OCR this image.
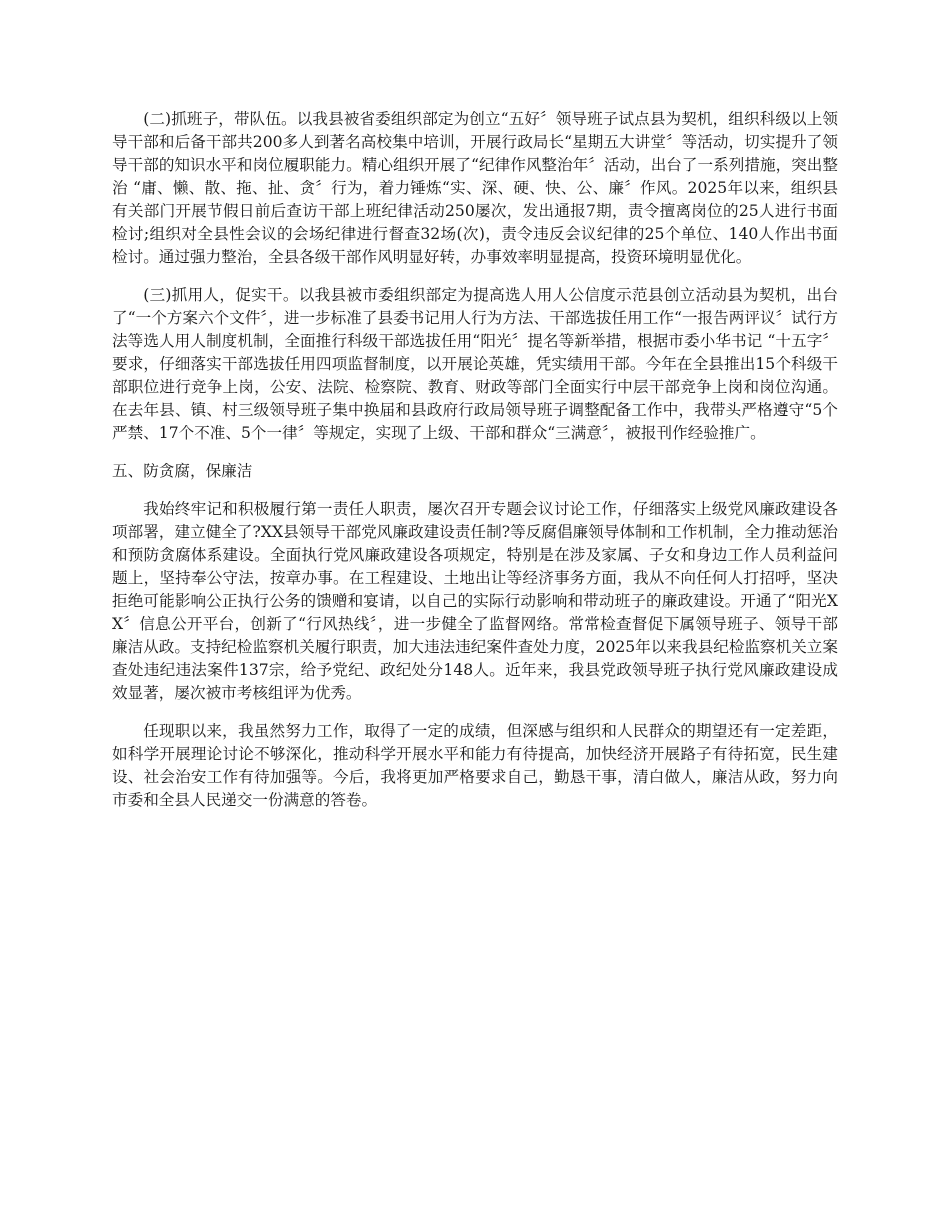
(二)抓班子，带队伍。以我县被省委组织部定为创立“五好〞领导班子试点县为契机，组织科级以上领导干部和后备干部共200多人到著名高校集中培训，开展行政局长“星期五大讲堂〞等活动，切实提升了领导干部的知识水平和岗位履职能力。精心组织开展了“纪律作风整治年〞活动，出台了一系列措施，突出整治 “庸、懒、散、拖、扯、贪〞行为，着力锤炼“实、深、硬、快、公、廉〞作风。2025年以来，组织县有关部门开展节假日前后查访干部上班纪律活动250屡次，发出通报7期，责令擅离岗位的25人进行书面检讨;组织对全县性会议的会场纪律进行督查32场(次)，责令违反会议纪律的25个单位、140人作出书面检讨。通过强力整治，全县各级干部作风明显好转，办事效率明显提高，投资环境明显优化。

(三)抓用人，促实干。以我县被市委组织部定为提高选人用人公信度示范县创立活动县为契机，出台了“一个方案六个文件〞，进一步标准了县委书记用人行为方法、干部选拔任用工作“一报告两评议〞试行方法等选人用人制度机制，全面推行科级干部选拔任用“阳光〞提名等新举措，根据市委小华书记 “十五字〞要求，仔细落实干部选拔任用四项监督制度，以开展论英雄，凭实绩用干部。今年在全县推出15个科级干部职位进行竞争上岗，公安、法院、检察院、教育、财政等部门全面实行中层干部竞争上岗和岗位沟通。在去年县、镇、村三级领导班子集中换届和县政府行政局领导班子调整配备工作中，我带头严格遵守“5个严禁、17个不准、5个一律〞等规定，实现了上级、干部和群众“三满意〞，被报刊作经验推广。

五、防贪腐，保廉洁

我始终牢记和积极履行第一责任人职责，屡次召开专题会议讨论工作，仔细落实上级党风廉政建设各项部署，建立健全了?XX县领导干部党风廉政建设责任制?等反腐倡廉领导体制和工作机制，全力推动惩治和预防贪腐体系建设。全面执行党风廉政建设各项规定，特别是在涉及家属、子女和身边工作人员利益问题上，坚持奉公守法，按章办事。在工程建设、土地出让等经济事务方面，我从不向任何人打招呼，坚决拒绝可能影响公正执行公务的馈赠和宴请，以自己的实际行动影响和带动班子的廉政建设。开通了“阳光XX〞信息公开平台，创新了“行风热线〞，进一步健全了监督网络。常常检查督促下属领导班子、领导干部廉洁从政。支持纪检监察机关履行职责，加大违法违纪案件查处力度，2025年以来我县纪检监察机关立案查处违纪违法案件137宗，给予党纪、政纪处分148人。近年来，我县党政领导班子执行党风廉政建设成效显著，屡次被市考核组评为优秀。

任现职以来，我虽然努力工作，取得了一定的成绩，但深感与组织和人民群众的期望还有一定差距，如科学开展理论讨论不够深化，推动科学开展水平和能力有待提高，加快经济开展路子有待拓宽，民生建设、社会治安工作有待加强等。今后，我将更加严格要求自己，勤恳干事，清白做人，廉洁从政，努力向市委和全县人民递交一份满意的答卷。
